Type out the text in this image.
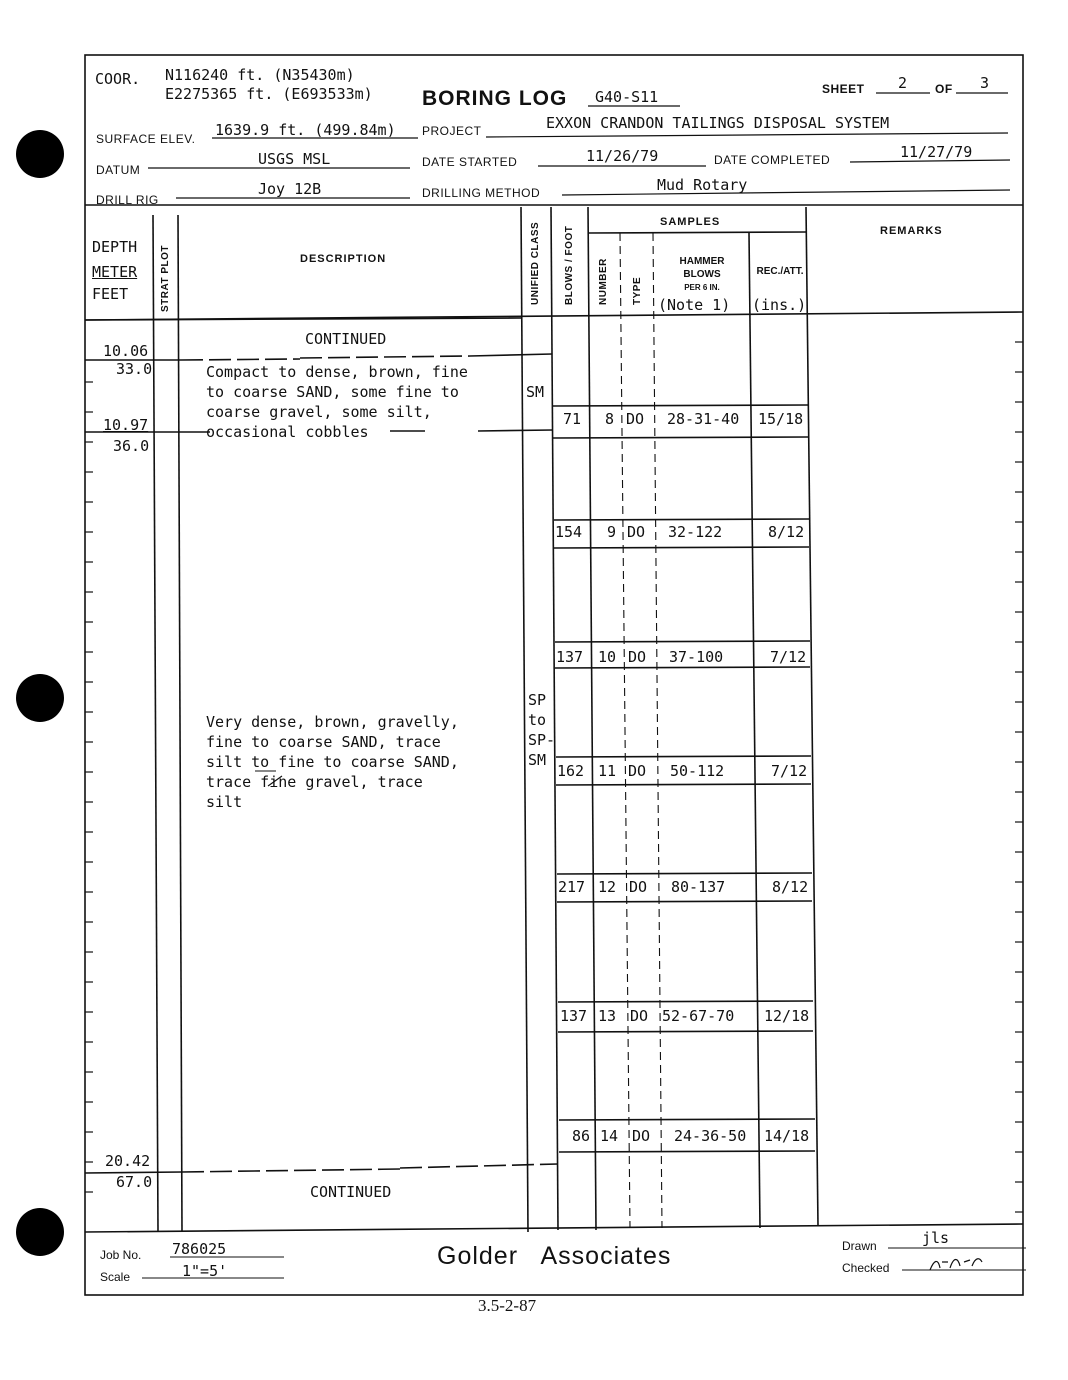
COOR. N116240 ft. (N35430m)
E2275365 ft. (E693533m) BORING LOG G40-S11	SHEET 2 OF 3
SURFACE ELEV. 1639.9 ft. (499.84m) PROJECT	EXXON CRANDON TAILINGS DISPOSAL SYSTEM
DATUM
USGS MSL	DATE STARTED	11/26/79	DATE COMPLETED	11/27/79
DRILL RIG
Joy 12B	DRILLING METHOD	Mud Rotary
DEPTH
METER
FEET	STRAT PLOT	DESCRIPTION	UNIFIED CLASS BLOWS / FOOT
SAMPLES
NUMBER TYPE
HAMMER
BLOWS
PER 6 IN.
(Note 1)
REC./ATT.
(ins.)
REMARKS
CONTINUED
CONTINUED
10.06
33.0
10.97
36.0
20.42
67.0
Compact to dense, brown, fine
to coarse SAND, some fine to
coarse gravel, some silt,
occasional cobbles
SM
Very dense, brown, gravelly,
fine to coarse SAND, trace
silt to fine to coarse SAND,
trace fine gravel, trace
silt
SP
to
SP-
SM
71 8 DO 28-31-40 15/18
154 9 DO 32-122	8/12
137 10 DO 37-100	7/12
162 11 DO 50-112	7/12
217 12 DO 80-137	8/12
137 13 DO 52-67-70 12/18
86 14 DO 24-36-50 14/18
Job No. 786025
Scale	1"=5'
Golder   Associates	Drawn	jls
Checked
3.5-2-87
